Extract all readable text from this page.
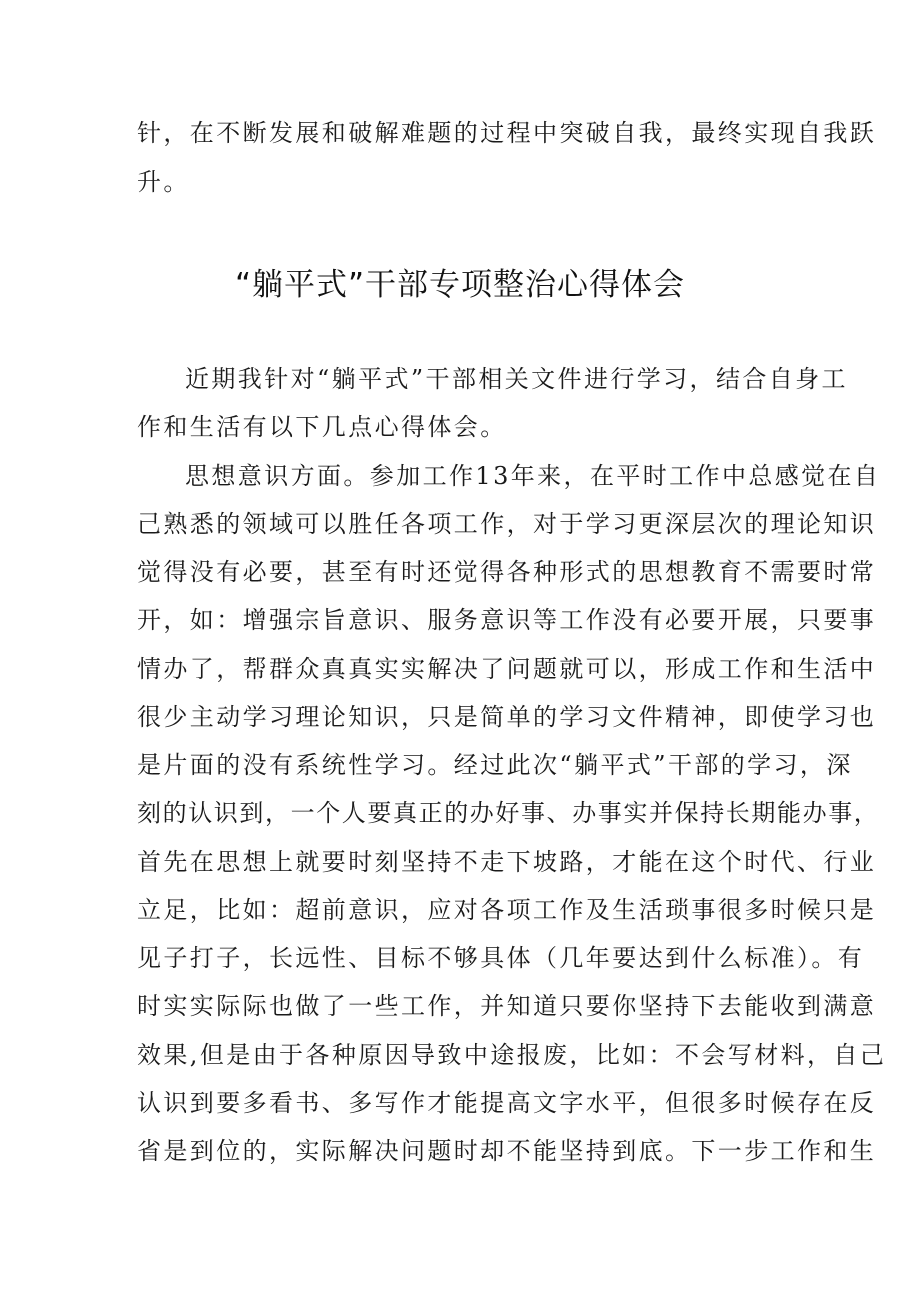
针，在不断发展和破解难题的过程中突破自我，最终实现自我跃
升。
“躺平式”干部专项整治心得体会
近期我针对“躺平式”干部相关文件进行学习，结合自身工
作和生活有以下几点心得体会。
思想意识方面。参加工作13年来，在平时工作中总感觉在自
己熟悉的领域可以胜任各项工作，对于学习更深层次的理论知识
觉得没有必要，甚至有时还觉得各种形式的思想教育不需要时常
开，如：增强宗旨意识、服务意识等工作没有必要开展，只要事
情办了，帮群众真真实实解决了问题就可以，形成工作和生活中
很少主动学习理论知识，只是简单的学习文件精神，即使学习也
是片面的没有系统性学习。经过此次“躺平式”干部的学习，深
刻的认识到，一个人要真正的办好事、办事实并保持长期能办事，
首先在思想上就要时刻坚持不走下坡路，才能在这个时代、行业
立足，比如：超前意识，应对各项工作及生活琐事很多时候只是
见子打子，长远性、目标不够具体（几年要达到什么标准）。有
时实实际际也做了一些工作，并知道只要你坚持下去能收到满意
效果,但是由于各种原因导致中途报废，比如：不会写材料，自己
认识到要多看书、多写作才能提高文字水平，但很多时候存在反
省是到位的，实际解决问题时却不能坚持到底。下一步工作和生
